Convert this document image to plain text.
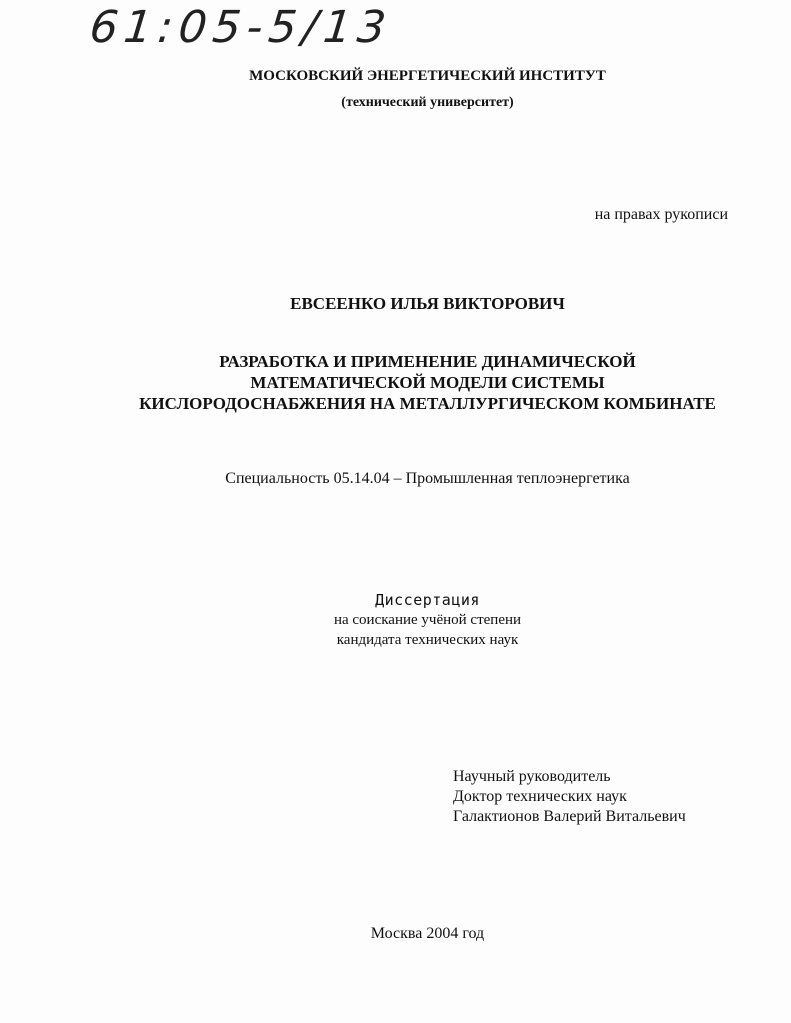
61:05-5/13
МОСКОВСКИЙ ЭНЕРГЕТИЧЕСКИЙ ИНСТИТУТ
(технический университет)
на правах рукописи
ЕВСЕЕНКО ИЛЬЯ ВИКТОРОВИЧ
РАЗРАБОТКА И ПРИМЕНЕНИЕ ДИНАМИЧЕСКОЙ
МАТЕМАТИЧЕСКОЙ МОДЕЛИ СИСТЕМЫ
КИСЛОРОДОСНАБЖЕНИЯ НА МЕТАЛЛУРГИЧЕСКОМ КОМБИНАТЕ
Специальность 05.14.04 – Промышленная теплоэнергетика
Диссертация
на соискание учёной степени
кандидата технических наук
Научный руководитель
Доктор технических наук
Галактионов Валерий Витальевич
Москва 2004 год
